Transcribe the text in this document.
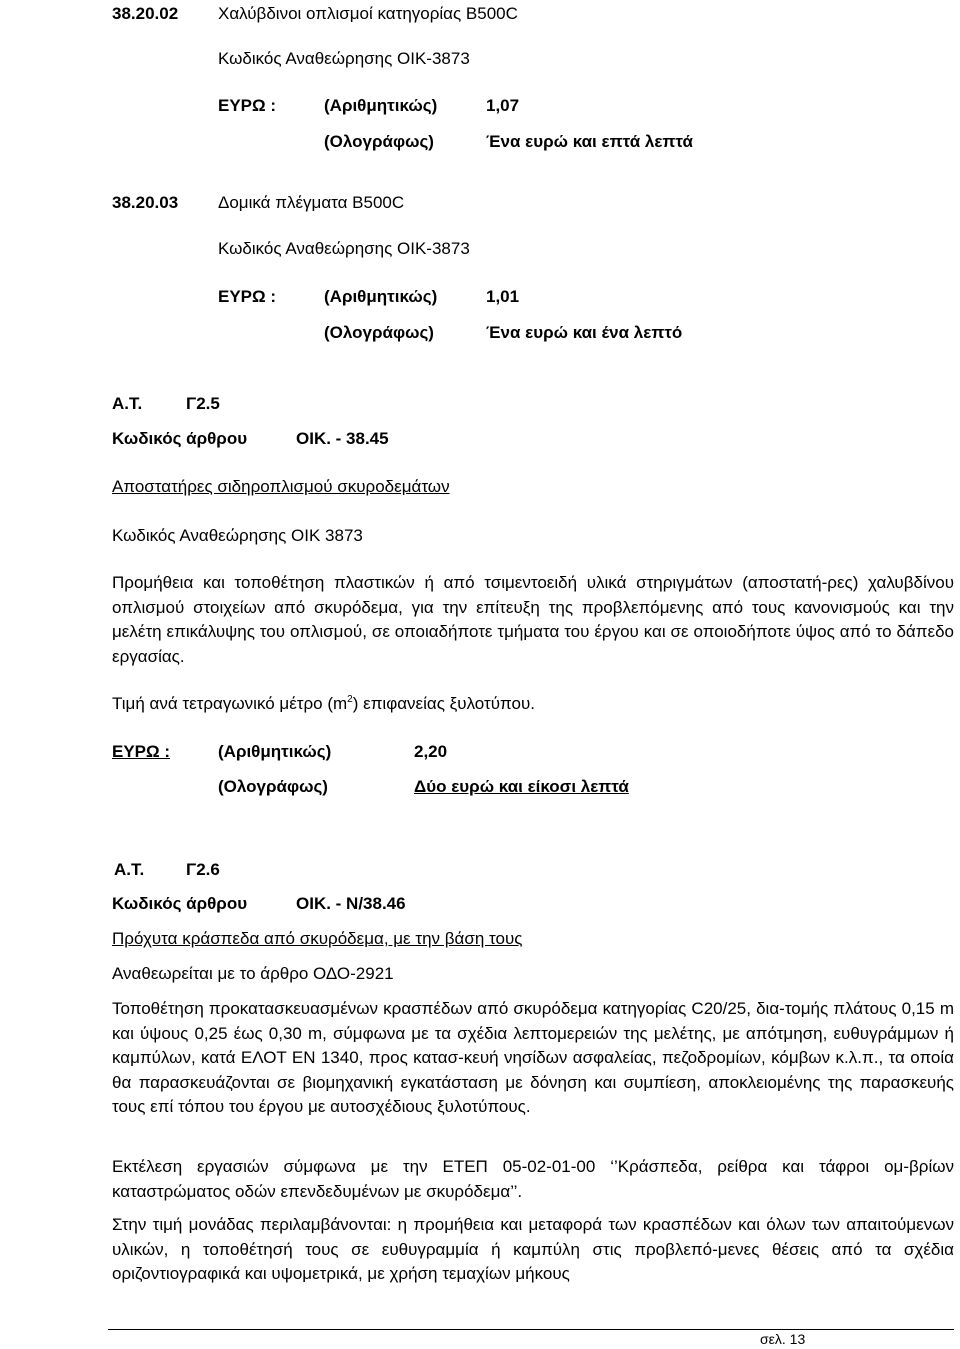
38.20.02 Χαλύβδινοι οπλισμοί κατηγορίας Β500C
Κωδικός Αναθεώρησης ΟΙΚ-3873
ΕΥΡΩ :	(Αριθμητικώς)	1,07
(Ολογράφως)	Ένα ευρώ και επτά λεπτά
38.20.03 Δομικά πλέγματα Β500C
Κωδικός Αναθεώρησης ΟΙΚ-3873
ΕΥΡΩ :	(Αριθμητικώς)	1,01
(Ολογράφως)	Ένα ευρώ και ένα λεπτό
Α.Τ.	Γ2.5
Κωδικός άρθρου	ΟΙΚ. - 38.45
Αποστατήρες σιδηροπλισμού σκυροδεμάτων
Κωδικός Αναθεώρησης ΟΙΚ 3873
Προμήθεια και τοποθέτηση πλαστικών ή από τσιμεντοειδή υλικά στηριγμάτων (αποστατή-ρες) χαλυβδίνου οπλισμού στοιχείων από σκυρόδεμα, για την επίτευξη της προβλεπόμενης από τους κανονισμούς και την μελέτη επικάλυψης του οπλισμού, σε οποιαδήποτε τμήματα του έργου και σε οποιοδήποτε ύψος από το δάπεδο εργασίας.
Τιμή ανά τετραγωνικό μέτρο $(m^2)$ επιφανείας ξυλοτύπου.
ΕΥΡΩ :	(Αριθμητικώς)	2,20
(Ολογράφως)	Δύο ευρώ και είκοσι λεπτά
Α.Τ. Γ2.6
Κωδικός άρθρου	ΟΙΚ. - Ν/38.46
Πρόχυτα κράσπεδα από σκυρόδεμα, με την βάση τους
Αναθεωρείται με το άρθρο ΟΔΟ-2921
Τοποθέτηση προκατασκευασμένων κρασπέδων από σκυρόδεμα κατηγορίας C20/25, δια-τομής πλάτους 0,15 m και ύψους 0,25 έως 0,30 m, σύμφωνα με τα σχέδια λεπτομερειών της μελέτης, με απότμηση, ευθυγράμμων ή καμπύλων, κατά ΕΛΟΤ ΕΝ 1340, προς κατασ-κευή νησίδων ασφαλείας, πεζοδρομίων, κόμβων κ.λ.π., τα οποία θα παρασκευάζονται σε βιομηχανική εγκατάσταση με δόνηση και συμπίεση, αποκλειομένης της παρασκευής τους επί τόπου του έργου με αυτοσχέδιους ξυλοτύπους.
Εκτέλεση εργασιών σύμφωνα με την ΕΤΕΠ 05-02-01-00 ‘’Κράσπεδα, ρείθρα και τάφροι ομ-βρίων καταστρώματος οδών επενδεδυμένων με σκυρόδεμα’’.
Στην τιμή μονάδας περιλαμβάνονται: η προμήθεια και μεταφορά των κρασπέδων και όλων των απαιτούμενων υλικών, η τοποθέτησή τους σε ευθυγραμμία ή καμπύλη στις προβλεπό-μενες θέσεις από τα σχέδια οριζοντιογραφικά και υψομετρικά, με χρήση τεμαχίων μήκους
σελ. 13
